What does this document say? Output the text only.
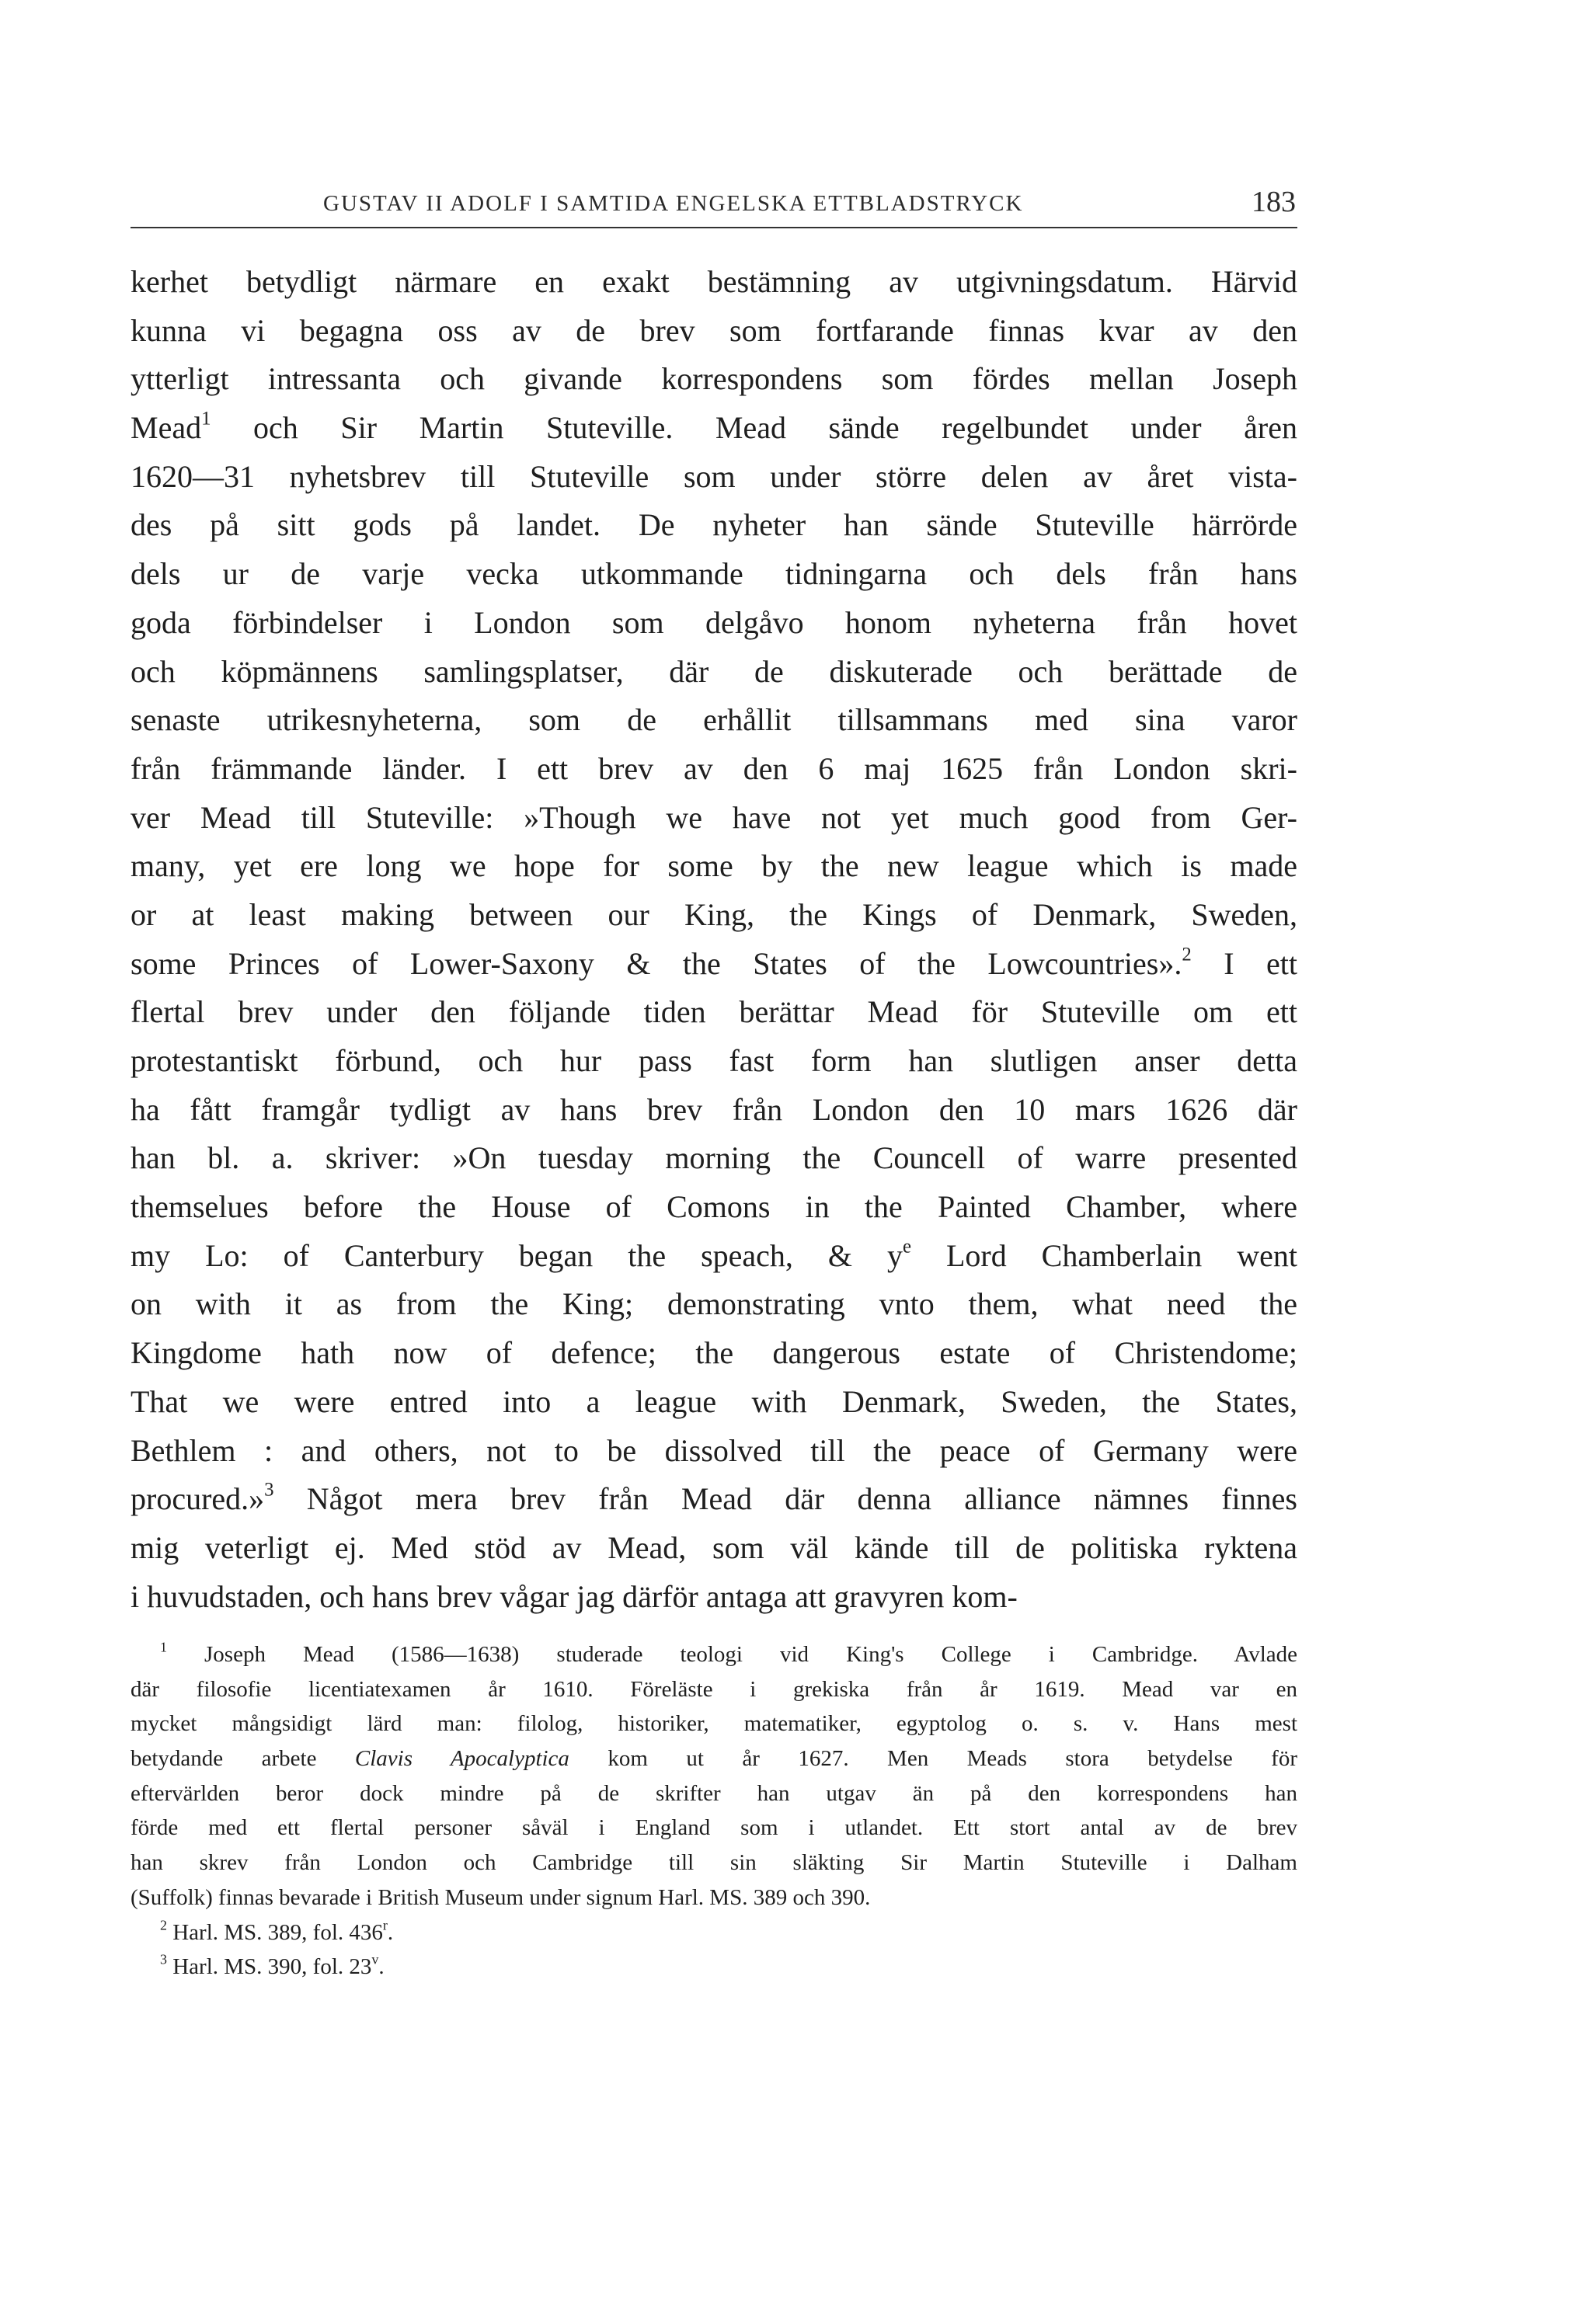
GUSTAV II ADOLF I SAMTIDA ENGELSKA ETTBLADSTRYCK	183
kerhet betydligt närmare en exakt bestämning av utgivningsdatum. Härvid
kunna vi begagna oss av de brev som fortfarande finnas kvar av den
ytterligt intressanta och givande korrespondens som fördes mellan Joseph
Mead$^1$ och Sir Martin Stuteville. Mead sände regelbundet under åren
1620—31 nyhetsbrev till Stuteville som under större delen av året vista-
des på sitt gods på landet. De nyheter han sände Stuteville härrörde
dels ur de varje vecka utkommande tidningarna och dels från hans
goda förbindelser i London som delgåvo honom nyheterna från hovet
och köpmännens samlingsplatser, där de diskuterade och berättade de
senaste utrikesnyheterna, som de erhållit tillsammans med sina varor
från främmande länder. I ett brev av den 6 maj 1625 från London skri-
ver Mead till Stuteville: »Though we have not yet much good from Ger-
many, yet ere long we hope for some by the new league which is made
or at least making between our King, the Kings of Denmark, Sweden,
some Princes of Lower-Saxony & the States of the Lowcountries».$^2$ I ett
flertal brev under den följande tiden berättar Mead för Stuteville om ett
protestantiskt förbund, och hur pass fast form han slutligen anser detta
ha fått framgår tydligt av hans brev från London den 10 mars 1626 där
han bl. a. skriver: »On tuesday morning the Councell of warre presented
themselues before the House of Comons in the Painted Chamber, where
my Lo: of Canterbury began the speach, & y$^e$ Lord Chamberlain went
on with it as from the King; demonstrating vnto them, what need the
Kingdome hath now of defence; the dangerous estate of Christendome;
That we were entred into a league with Denmark, Sweden, the States,
Bethlem : and others, not to be dissolved till the peace of Germany were
procured.»$^3$ Något mera brev från Mead där denna alliance nämnes finnes
mig veterligt ej. Med stöd av Mead, som väl kände till de politiska ryktena
i huvudstaden, och hans brev vågar jag därför antaga att gravyren kom-
$^1$ Joseph Mead (1586—1638) studerade teologi vid King's College i Cambridge. Avlade
där filosofie licentiatexamen år 1610. Föreläste i grekiska från år 1619. Mead var en
mycket mångsidigt lärd man: filolog, historiker, matematiker, egyptolog o. s. v. Hans mest
betydande arbete Clavis Apocalyptica kom ut år 1627. Men Meads stora betydelse för
eftervärlden beror dock mindre på de skrifter han utgav än på den korrespondens han
förde med ett flertal personer såväl i England som i utlandet. Ett stort antal av de brev
han skrev från London och Cambridge till sin släkting Sir Martin Stuteville i Dalham
(Suffolk) finnas bevarade i British Museum under signum Harl. MS. 389 och 390.
$^2$ Harl. MS. 389, fol. 436$^r$.
$^3$ Harl. MS. 390, fol. 23$^v$.
